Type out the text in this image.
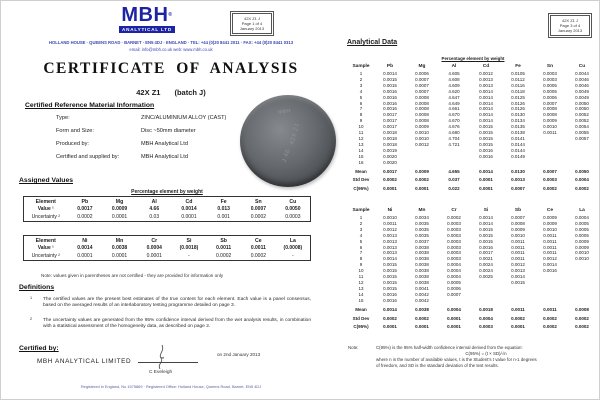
MBH®
ANALYTICAL LTD
42X Z1 J
Page 1 of 4
January 2013
HOLLAND HOUSE · QUEENS ROAD · BARNET · EN5 4DJ · ENGLAND · TEL: +44 (0)20 8441 2011 · FAX: +44 (0)20 8441 0313
email: info@mbh.co.uk web: www.mbh.co.uk
CERTIFICATE OF ANALYSIS
42X Z1 (batch J)
Certified Reference Material Information
Type:	ZINC/ALUMINIUM ALLOY (CAST)
Form and Size:	Disc ~50mm diameter
Produced by:	MBH Analytical Ltd
Certified and supplied by:	MBH Analytical Ltd
MBH
42X Z1
J 46
Assigned Values
Percentage element by weight
Element	Pb	Mg	Al	Cd	Fe	Sn	Cu
Value ¹	0.0017	0.0009	4.66	0.0014	0.013	0.0007	0.0050
Uncertainty ²	0.0002	0.0001	0.03	0.0001	0.001	0.0002	0.0003
Element	Ni	Mn	Cr	Si	Sb	Ce	La
Value ¹	0.0014	0.0038	0.0004	(0.0018)	0.0011	0.0011	(0.0008)
Uncertainty ²	0.0001	0.0001	0.0001	-	0.0002	0.0002	-
Note: values given in parentheses are not certified - they are provided for information only
Definitions
1 The certified values are the present best estimates of the true content for each element. Each value is a panel consensus, based on the averaged results of an interlaboratory testing programme detailed on page 3.
2 The uncertainty values are generated from the 95% confidence interval derived from the wet analysis results, in combination with a statistical assessment of the homogeneity data, as described on page 2.
Certified by:
MBH ANALYTICAL LIMITED
on 2nd January 2013
C Eveleigh
Registered in England, No 1575869 · Registered Office: Holland House, Queens Road, Barnet, EN5 4DJ
42X Z1 J
Page 3 of 4
January 2013
Analytical Data
Percentage element by weight
Sample	Pb	Mg	Al	Cd	Fe	Sn	Cu
1	0.0014	0.0006	4.605	0.0012	0.0105	0.0003	0.0044
2	0.0015	0.0007	4.608	0.0013	0.0112	0.0003	0.0046
3	0.0015	0.0007	4.609	0.0013	0.0116	0.0005	0.0046
4	0.0016	0.0007	4.620	0.0014	0.0118	0.0005	0.0049
5	0.0016	0.0008	4.647	0.0014	0.0125	0.0006	0.0049
6	0.0016	0.0008	4.649	0.0014	0.0126	0.0007	0.0050
7	0.0016	0.0008	4.661	0.0014	0.0126	0.0008	0.0050
8	0.0017	0.0008	4.670	0.0014	0.0130	0.0008	0.0052
9	0.0017	0.0008	4.670	0.0014	0.0134	0.0009	0.0052
10	0.0017	0.0009	4.676	0.0015	0.0135	0.0010	0.0054
11	0.0018	0.0010	4.680	0.0015	0.0138	0.0011	0.0055
12	0.0018	0.0010	4.704	0.0015	0.0141		0.0057
13	0.0018	0.0012	4.721	0.0015	0.0144		
14	0.0019			0.0016	0.0144		
15	0.0020			0.0016	0.0149		
16	0.0020						
Mean	0.0017	0.0009	4.655	0.0014	0.0130	0.0007	0.0050
Std Dev	0.0002	0.0002	0.037	0.0001	0.0013	0.0003	0.0004
C(95%)	0.0001	0.0001	0.022	0.0001	0.0007	0.0002	0.0002
Sample	Ni	Mn	Cr	Si	Sb	Ce	La
1	0.0010	0.0034	0.0002	0.0014	0.0007	0.0009	0.0004
2	0.0011	0.0035	0.0003	0.0014	0.0008	0.0009	0.0005
3	0.0012	0.0035	0.0003	0.0015	0.0009	0.0010	0.0005
4	0.0013	0.0035	0.0003	0.0015	0.0010	0.0011	0.0005
5	0.0013	0.0037	0.0003	0.0015	0.0011	0.0011	0.0009
6	0.0013	0.0038	0.0003	0.0016	0.0011	0.0011	0.0009
7	0.0013	0.0038	0.0003	0.0017	0.0011	0.0011	0.0010
8	0.0014	0.0038	0.0003	0.0021	0.0011	0.0012	0.0010
9	0.0015	0.0038	0.0004	0.0024	0.0012	0.0014	
10	0.0015	0.0038	0.0004	0.0024	0.0013	0.0016	
11	0.0015	0.0038	0.0004	0.0025	0.0014		
12	0.0015	0.0038	0.0005		0.0015		
13	0.0015	0.0041	0.0006				
14	0.0016	0.0042	0.0007				
15	0.0016	0.0042					
Mean	0.0014	0.0038	0.0004	0.0018	0.0011	0.0011	0.0008
Std Dev	0.0002	0.0002	0.0001	0.0004	0.0002	0.0002	0.0002
C(95%)	0.0001	0.0001	0.0001	0.0003	0.0001	0.0002	0.0002
Note:	C(95%) is the 95% half-width confidence interval derived from the equation:
C(95%) = (t × SD)/√n
where n is the number of available values, t is the Student's t value for n-1 degrees
of freedom, and SD is the standard deviation of the test results.
